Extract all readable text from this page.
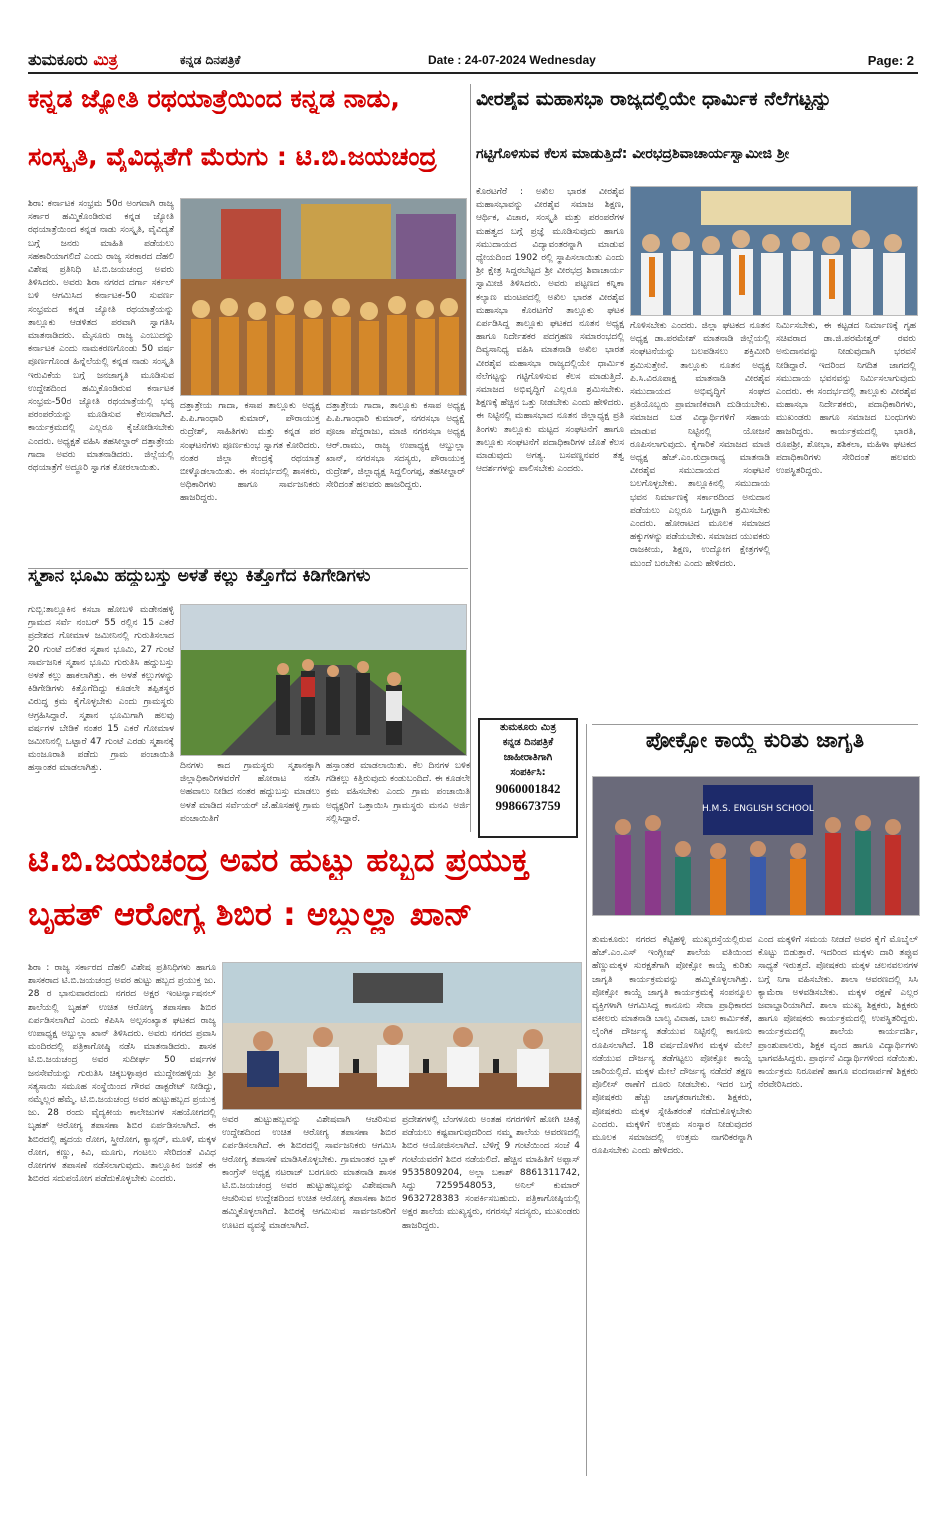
ತುಮಕೂರು ಮಿತ್ರ	ಕನ್ನಡ ದಿನಪತ್ರಿಕೆ	Date : 24-07-2024 Wednesday	Page: 2
ಕನ್ನಡ ಜ್ಯೋತಿ ರಥಯಾತ್ರೆಯಿಂದ ಕನ್ನಡ ನಾಡು,
ಸಂಸ್ಕೃತಿ, ವೈವಿದ್ಯತೆಗೆ ಮೆರುಗು : ಟಿ.ಬಿ.ಜಯಚಂದ್ರ
ಶಿರಾ: ಕರ್ನಾಟಕ ಸಂಭ್ರಮ 50ರ ಅಂಗವಾಗಿ ರಾಜ್ಯ ಸರ್ಕಾರ ಹಮ್ಮಿಕೊಂಡಿರುವ ಕನ್ನಡ ಜ್ಯೋತಿ ರಥಯಾತ್ರೆಯಿಂದ ಕನ್ನಡ ನಾಡು ಸಂಸ್ಕೃತಿ, ವೈವಿದ್ಯತೆ ಬಗ್ಗೆ ಜನರು ಮಾಹಿತಿ ಪಡೆಯಲು ಸಹಕಾರಿಯಾಗಲಿದೆ ಎಂದು ರಾಜ್ಯ ಸರಕಾರದ ದೆಹಲಿ ವಿಶೇಷ ಪ್ರತಿನಿಧಿ ಟಿ.ಬಿ.ಜಯಚಂದ್ರ ಅವರು ತಿಳಿಸಿದರು. ಅವರು ಶಿರಾ ನಗರದ ದರ್ಗಾ ಸರ್ಕಲ್ ಬಳಿ ಆಗಮಿಸಿದ ಕರ್ನಾಟಕ-50 ಸುವರ್ಣ ಸಂಭ್ರಮದ ಕನ್ನಡ ಜ್ಯೋತಿ ರಥಯಾತ್ರೆಯನ್ನು ತಾಲ್ಲೂಕು ಆಡಳಿತದ ಪರವಾಗಿ ಸ್ವಾಗತಿಸಿ ಮಾತನಾಡಿದರು. ಮೈಸೂರು ರಾಜ್ಯ ಎಂಬುದನ್ನು ಕರ್ನಾಟಕ ಎಂದು ನಾಮಕರಣಗೊಂಡು 50 ವರ್ಷ ಪೂರ್ಣಗೊಂಡ ಹಿನ್ನೆಲೆಯಲ್ಲಿ ಕನ್ನಡ ನಾಡು ಸಂಸ್ಕೃತಿ ಇರುವಿಕೆಯ ಬಗ್ಗೆ ಜನಜಾಗೃತಿ ಮೂಡಿಸುವ ಉದ್ದೇಶದಿಂದ ಹಮ್ಮಿಕೊಂಡಿರುವ ಕರ್ನಾಟಕ ಸಂಭ್ರಮ-50ರ ಜ್ಯೋತಿ ರಥಯಾತ್ರೆಯಲ್ಲಿ ಭವ್ಯ ಪರಂಪರೆಯನ್ನು ಮೂಡಿಸುವ ಕೆಲಸವಾಗಿದೆ. ಕಾರ್ಯಕ್ರಮದಲ್ಲಿ ಎಲ್ಲರೂ ಕೈಜೋಡಿಸಬೇಕು ಎಂದರು. ಅಧ್ಯಕ್ಷತೆ ವಹಿಸಿ ತಹಸೀಲ್ದಾರ್ ದತ್ತಾತ್ರೇಯ ಗಾದಾ ಅವರು ಮಾತನಾಡಿದರು. ಜಿಲ್ಲೆಯಲ್ಲಿ ರಥಯಾತ್ರೆಗೆ ಅದ್ಧೂರಿ ಸ್ವಾಗತ ಕೋರಲಾಯಿತು.
ದತ್ತಾತ್ರೇಯ ಗಾದಾ, ಕಸಾಪ ತಾಲ್ಲೂಕು ಅಧ್ಯಕ್ಷ ಪಿ.ಪಿ.ಗಾಂಧಾರಿ ಕುಮಾರ್, ಪೌರಾಯುಕ್ತ ರುದ್ರೇಶ್, ಸಾಹಿತಿಗಳು ಮತ್ತು ಕನ್ನಡ ಪರ ಸಂಘಟನೆಗಳು ಪೂರ್ಣಕುಂಭ ಸ್ವಾಗತ ಕೋರಿದರು. ನಂತರ ಜಿಲ್ಲಾ ಕೇಂದ್ರಕ್ಕೆ ರಥಯಾತ್ರೆ ಬೀಳ್ಕೊಡಲಾಯಿತು. ಈ ಸಂದರ್ಭದಲ್ಲಿ ಶಾಸಕರು, ಅಧಿಕಾರಿಗಳು ಹಾಗೂ ಸಾರ್ವಜನಿಕರು ಹಾಜರಿದ್ದರು.
ದತ್ತಾತ್ರೇಯ ಗಾದಾ, ತಾಲ್ಲೂಕು ಕಸಾಪ ಅಧ್ಯಕ್ಷ ಪಿ.ಪಿ.ಗಾಂಧಾರಿ ಕುಮಾರ್, ನಗರಸಭಾ ಅಧ್ಯಕ್ಷೆ ಪೂಜಾ ಪೆದ್ದರಾಜು, ಮಾಜಿ ನಗರಸಭಾ ಅಧ್ಯಕ್ಷ ಆರ್.ರಾಮು, ರಾಜ್ಯ ಉಪಾಧ್ಯಕ್ಷ ಆಬ್ದುಲ್ಲಾ ಖಾನ್, ನಗರಸಭಾ ಸದಸ್ಯರು, ಪೌರಾಯುಕ್ತ ರುದ್ರೇಶ್, ಜಿಲ್ಲಾಧ್ಯಕ್ಷ ಸಿದ್ದಲಿಂಗಪ್ಪ, ತಹಸೀಲ್ದಾರ್ ಸೇರಿದಂತೆ ಹಲವರು ಹಾಜರಿದ್ದರು.
ವೀರಶೈವ ಮಹಾಸಭಾ ರಾಜ್ಯದಲ್ಲಿಯೇ ಧಾರ್ಮಿಕ ನೆಲೆಗಟ್ಟನ್ನು
ಗಟ್ಟಿಗೊಳಿಸುವ ಕೆಲಸ ಮಾಡುತ್ತಿದೆ: ವೀರಭದ್ರಶಿವಾಚಾರ್ಯಸ್ವಾಮೀಜಿ ಶ್ರೀ
ಕೊರಟಗೆರೆ : ಅಖಿಲ ಭಾರತ ವೀರಶೈವ ಮಹಾಸಭಾವನ್ನು ವೀರಶೈವ ಸಮಾಜ ಶಿಕ್ಷಣ, ಆರ್ಥಿಕ, ವಿಚಾರ, ಸಂಸ್ಕೃತಿ ಮತ್ತು ಪರಂಪರೆಗಳ ಮಹತ್ವದ ಬಗ್ಗೆ ಪ್ರಜ್ಞೆ ಮೂಡಿಸುವುದು ಹಾಗೂ ಸಮುದಾಯದ ವಿದ್ಯಾವಂತರನ್ನಾಗಿ ಮಾಡುವ ಧ್ಯೇಯದಿಂದ 1902 ರಲ್ಲಿ ಸ್ಥಾಪಿಸಲಾಯಿತು ಎಂದು ಶ್ರೀ ಕ್ಷೇತ್ರ ಸಿದ್ದರಬೆಟ್ಟದ ಶ್ರೀ ವೀರಭದ್ರ ಶಿವಾಚಾರ್ಯ ಸ್ವಾಮೀಜಿ ತಿಳಿಸಿದರು. ಅವರು ಪಟ್ಟಣದ ಕನ್ನಿಕಾ ಕಲ್ಯಾಣ ಮಂಟಪದಲ್ಲಿ ಅಖಿಲ ಭಾರತ ವೀರಶೈವ ಮಹಾಸಭಾ ಕೊರಟಗೆರೆ ತಾಲ್ಲೂಕು ಘಟಕ ಏರ್ಪಡಿಸಿದ್ದ ತಾಲ್ಲೂಕು ಘಟಕದ ನೂತನ ಅಧ್ಯಕ್ಷ ಹಾಗೂ ನಿರ್ದೇಶಕರ ಪದಗ್ರಹಣ ಸಮಾರಂಭದಲ್ಲಿ ದಿವ್ಯಸಾನಿಧ್ಯ ವಹಿಸಿ ಮಾತನಾಡಿ ಅಖಿಲ ಭಾರತ ವೀರಶೈವ ಮಹಾಸಭಾ ರಾಜ್ಯದಲ್ಲಿಯೇ ಧಾರ್ಮಿಕ ನೆಲೆಗಟ್ಟನ್ನು ಗಟ್ಟಿಗೊಳಿಸುವ ಕೆಲಸ ಮಾಡುತ್ತಿದೆ. ಸಮಾಜದ ಅಭಿವೃದ್ಧಿಗೆ ಎಲ್ಲರೂ ಶ್ರಮಿಸಬೇಕು. ಶಿಕ್ಷಣಕ್ಕೆ ಹೆಚ್ಚಿನ ಒತ್ತು ನೀಡಬೇಕು ಎಂದು ಹೇಳಿದರು. ಈ ನಿಟ್ಟಿನಲ್ಲಿ ಮಹಾಸಭಾದ ನೂತನ ಜಿಲ್ಲಾಧ್ಯಕ್ಷ ಪ್ರತಿ ತಿಂಗಳು ತಾಲ್ಲೂಕು ಮಟ್ಟದ ಸಂಘಟನೆಗೆ ಹಾಗೂ ತಾಲ್ಲೂಕು ಸಂಘಟನೆಗೆ ಪದಾಧಿಕಾರಿಗಳ ಜೊತೆ ಕೆಲಸ ಮಾಡುವುದು ಅಗತ್ಯ. ಬಸವಣ್ಣನವರ ತತ್ವ ಆದರ್ಶಗಳನ್ನು ಪಾಲಿಸಬೇಕು ಎಂದರು.
ಗೊಳಿಸಬೇಕು ಎಂದರು. ಜಿಲ್ಲಾ ಘಟಕದ ನೂತನ ಅಧ್ಯಕ್ಷ ಡಾ.ಪರಮೇಶ್ ಮಾತನಾಡಿ ಜಿಲ್ಲೆಯಲ್ಲಿ ಸಂಘಟನೆಯನ್ನು ಬಲಪಡಿಸಲು ಶಕ್ತಿಮೀರಿ ಶ್ರಮಿಸುತ್ತೇನೆ. ತಾಲ್ಲೂಕು ನೂತನ ಅಧ್ಯಕ್ಷ ಪಿ.ಸಿ.ವಿರೂಪಾಕ್ಷ ಮಾತನಾಡಿ ವೀರಶೈವ ಸಮುದಾಯದ ಅಭಿವೃದ್ಧಿಗೆ ಸಂಘದ ಪ್ರತಿಯೊಬ್ಬರು ಪ್ರಾಮಾಣಿಕವಾಗಿ ದುಡಿಯಬೇಕು. ಸಮಾಜದ ಬಡ ವಿದ್ಯಾರ್ಥಿಗಳಿಗೆ ಸಹಾಯ ಮಾಡುವ ನಿಟ್ಟಿನಲ್ಲಿ ಯೋಜನೆ ರೂಪಿಸಲಾಗುವುದು. ಕೈಗಾರಿಕೆ ಸಮಾಜದ ಮಾಜಿ ಅಧ್ಯಕ್ಷ ಹೆಚ್.ಎಂ.ರುದ್ರಾರಾಧ್ಯ ಮಾತನಾಡಿ ವೀರಶೈವ ಸಮುದಾಯದ ಸಂಘಟನೆ ಬಲಗೊಳ್ಳಬೇಕು. ತಾಲ್ಲೂಕಿನಲ್ಲಿ ಸಮುದಾಯ ಭವನ ನಿರ್ಮಾಣಕ್ಕೆ ಸರ್ಕಾರದಿಂದ ಅನುದಾನ ಪಡೆಯಲು ಎಲ್ಲರೂ ಒಗ್ಗಟ್ಟಾಗಿ ಶ್ರಮಿಸಬೇಕು ಎಂದರು. ಹೋರಾಟದ ಮೂಲಕ ಸಮಾಜದ ಹಕ್ಕುಗಳನ್ನು ಪಡೆಯಬೇಕು. ಸಮಾಜದ ಯುವಕರು ರಾಜಕೀಯ, ಶಿಕ್ಷಣ, ಉದ್ಯೋಗ ಕ್ಷೇತ್ರಗಳಲ್ಲಿ ಮುಂದೆ ಬರಬೇಕು ಎಂದು ಹೇಳಿದರು.
ನಿರ್ಮಿಸಬೇಕು, ಈ ಕಟ್ಟಡದ ನಿರ್ಮಾಣಕ್ಕೆ ಗೃಹ ಸಚಿವರಾದ ಡಾ.ಜಿ.ಪರಮೇಶ್ವರ್ ರವರು ಅನುದಾನವನ್ನು ನೀಡುವುದಾಗಿ ಭರವಸೆ ನೀಡಿದ್ದಾರೆ. ಇದರಿಂದ ನಿಗದಿತ ಜಾಗದಲ್ಲಿ ಸಮುದಾಯ ಭವನವನ್ನು ನಿರ್ಮಿಸಲಾಗುವುದು ಎಂದರು. ಈ ಸಂದರ್ಭದಲ್ಲಿ ತಾಲ್ಲೂಕು ವೀರಶೈವ ಮಹಾಸಭಾ ನಿರ್ದೇಶಕರು, ಪದಾಧಿಕಾರಿಗಳು, ಮುಖಂಡರು ಹಾಗೂ ಸಮಾಜದ ಬಂಧುಗಳು ಹಾಜರಿದ್ದರು. ಕಾರ್ಯಕ್ರಮದಲ್ಲಿ ಭಾರತಿ, ರೂಪಶ್ರೀ, ಶೋಭಾ, ಶಶಿಕಲಾ, ಮಹಿಳಾ ಘಟಕದ ಪದಾಧಿಕಾರಿಗಳು ಸೇರಿದಂತೆ ಹಲವರು ಉಪಸ್ಥಿತರಿದ್ದರು.
ಸ್ಮಶಾನ ಭೂಮಿ ಹದ್ದುಬಸ್ತು ಅಳತೆ ಕಲ್ಲು ಕಿತ್ತೊಗೆದ ಕಿಡಿಗೇಡಿಗಳು
ಗುಬ್ಬಿ:ತಾಲ್ಲೂಕಿನ ಕಸಬಾ ಹೋಬಳಿ ಮಡೇನಹಳ್ಳಿ ಗ್ರಾಮದ ಸರ್ವೆ ನಂಬರ್ 55 ರಲ್ಲಿನ 15 ಎಕರೆ ಪ್ರದೇಶದ ಗೋಮಾಳ ಜಮೀನಿನಲ್ಲಿ ಗುರುತಿಸಲಾದ 20 ಗುಂಟೆ ದಲಿತರ ಸ್ಮಶಾನ ಭೂಮಿ, 27 ಗುಂಟೆ ಸಾರ್ವಜನಿಕ ಸ್ಮಶಾನ ಭೂಮಿ ಗುರುತಿಸಿ ಹದ್ದುಬಸ್ತು ಅಳತೆ ಕಲ್ಲು ಹಾಕಲಾಗಿತ್ತು. ಈ ಅಳತೆ ಕಲ್ಲುಗಳನ್ನು ಕಿಡಿಗೇಡಿಗಳು ಕಿತ್ತೊಗೆದಿದ್ದು ಕೂಡಲೇ ತಪ್ಪಿತಸ್ಥರ ವಿರುದ್ಧ ಕ್ರಮ ಕೈಗೊಳ್ಳಬೇಕು ಎಂದು ಗ್ರಾಮಸ್ಥರು ಆಗ್ರಹಿಸಿದ್ದಾರೆ. ಸ್ಮಶಾನ ಭೂಮಿಗಾಗಿ ಹಲವು ವರ್ಷಗಳ ಬೇಡಿಕೆ ನಂತರ 15 ಎಕರೆ ಗೋಮಾಳ ಜಮೀನಿನಲ್ಲಿ ಒಟ್ಟಾರೆ 47 ಗುಂಟೆ ಎರಡು ಸ್ಮಶಾನಕ್ಕೆ ಮಂಜೂರಾತಿ ಪಡೆದು ಗ್ರಾಮ ಪಂಚಾಯಿತಿ ಹಸ್ತಾಂತರ ಮಾಡಲಾಗಿತ್ತು.	ದಿನಗಳು ಕಾದ ಗ್ರಾಮಸ್ಥರು ಸ್ಮಶಾನಕ್ಕಾಗಿ ಜಿಲ್ಲಾಧಿಕಾರಿಗಳವರೆಗೆ ಹೋರಾಟ ನಡೆಸಿ ಅಹವಾಲು ನೀಡಿದ ನಂತರ ಹದ್ದುಬಸ್ತು ಮಾಡಲು ಅಳತೆ ಮಾಡಿದ ಸರ್ವೆಯರ್ ಜೆ.ಹೊಸಹಳ್ಳಿ ಗ್ರಾಮ ಪಂಚಾಯಿತಿಗೆ
ಹಸ್ತಾಂತರ ಮಾಡಲಾಯಿತು. ಕೆಲ ದಿನಗಳ ಬಳಿಕ ಗಡಿಕಲ್ಲು ಕಿತ್ತಿರುವುದು ಕಂಡುಬಂದಿದೆ. ಈ ಕೂಡಲೇ ಕ್ರಮ ವಹಿಸಬೇಕು ಎಂದು ಗ್ರಾಮ ಪಂಚಾಯಿತಿ ಅಧ್ಯಕ್ಷರಿಗೆ ಒತ್ತಾಯಿಸಿ ಗ್ರಾಮಸ್ಥರು ಮನವಿ ಅರ್ಜಿ ಸಲ್ಲಿಸಿದ್ದಾರೆ.
ತುಮಕೂರು ಮಿತ್ರ
ಕನ್ನಡ ದಿನಪತ್ರಿಕೆ
ಜಾಹೀರಾತಿಗಾಗಿ
ಸಂಪರ್ಕಿಸಿ:
9060001842
9986673759
ಪೋಕ್ಸೋ ಕಾಯ್ದೆ ಕುರಿತು ಜಾಗೃತಿ
H.M.S. ENGLISH SCHOOL
ತುಮಕೂರು: ನಗರದ ಕೆಟ್ಟಿಹಳ್ಳಿ ಮುಖ್ಯರಸ್ತೆಯಲ್ಲಿರುವ ಹೆಚ್.ಎಂ.ಎಸ್ ಇಂಗ್ಲೀಷ್ ಶಾಲೆಯ ವತಿಯಿಂದ ಹೆಣ್ಣುಮಕ್ಕಳ ಸುರಕ್ಷತೆಗಾಗಿ ಪೋಕ್ಸೋ ಕಾಯ್ದೆ ಕುರಿತು ಜಾಗೃತಿ ಕಾರ್ಯಕ್ರಮವನ್ನು ಹಮ್ಮಿಕೊಳ್ಳಲಾಗಿತ್ತು. ಪೋಕ್ಸೋ ಕಾಯ್ದೆ ಜಾಗೃತಿ ಕಾರ್ಯಕ್ರಮಕ್ಕೆ ಸಂಪನ್ಮೂಲ ವ್ಯಕ್ತಿಗಳಾಗಿ ಆಗಮಿಸಿದ್ದ ಕಾನೂನು ಸೇವಾ ಪ್ರಾಧಿಕಾರದ ವಕೀಲರು ಮಾತನಾಡಿ ಬಾಲ್ಯ ವಿವಾಹ, ಬಾಲ ಕಾರ್ಮಿಕತೆ, ಲೈಂಗಿಕ ದೌರ್ಜನ್ಯ ತಡೆಯುವ ನಿಟ್ಟಿನಲ್ಲಿ ಕಾನೂನು ರೂಪಿಸಲಾಗಿದೆ. 18 ವರ್ಷದೊಳಗಿನ ಮಕ್ಕಳ ಮೇಲೆ ನಡೆಯುವ ದೌರ್ಜನ್ಯ ತಡೆಗಟ್ಟಲು ಪೋಕ್ಸೋ ಕಾಯ್ದೆ ಜಾರಿಯಲ್ಲಿದೆ. ಮಕ್ಕಳ ಮೇಲೆ ದೌರ್ಜನ್ಯ ನಡೆದರೆ ತಕ್ಷಣ ಪೊಲೀಸ್ ಠಾಣೆಗೆ ದೂರು ನೀಡಬೇಕು. ಇದರ ಬಗ್ಗೆ ಪೋಷಕರು ಹೆಚ್ಚು ಜಾಗೃತರಾಗಬೇಕು. ಶಿಕ್ಷಕರು, ಪೋಷಕರು ಮಕ್ಕಳ ಸ್ನೇಹಿತರಂತೆ ನಡೆದುಕೊಳ್ಳಬೇಕು ಎಂದರು. ಮಕ್ಕಳಿಗೆ ಉತ್ತಮ ಸಂಸ್ಕಾರ ನೀಡುವುದರ ಮೂಲಕ ಸಮಾಜದಲ್ಲಿ ಉತ್ತಮ ನಾಗರಿಕರನ್ನಾಗಿ ರೂಪಿಸಬೇಕು ಎಂದು ಹೇಳಿದರು.
ಎಂದ ಮಕ್ಕಳಿಗೆ ಸಮಯ ನೀಡದೆ ಅವರ ಕೈಗೆ ಮೊಬೈಲ್ ಕೊಟ್ಟು ಬಿಡುತ್ತಾರೆ. ಇದರಿಂದ ಮಕ್ಕಳು ದಾರಿ ತಪ್ಪುವ ಸಾಧ್ಯತೆ ಇರುತ್ತದೆ. ಪೋಷಕರು ಮಕ್ಕಳ ಚಲನವಲನಗಳ ಬಗ್ಗೆ ನಿಗಾ ವಹಿಸಬೇಕು. ಶಾಲಾ ಆವರಣದಲ್ಲಿ ಸಿಸಿ ಕ್ಯಾಮೆರಾ ಅಳವಡಿಸಬೇಕು. ಮಕ್ಕಳ ರಕ್ಷಣೆ ಎಲ್ಲರ ಜವಾಬ್ದಾರಿಯಾಗಿದೆ. ಶಾಲಾ ಮುಖ್ಯ ಶಿಕ್ಷಕರು, ಶಿಕ್ಷಕರು ಹಾಗೂ ಪೋಷಕರು ಕಾರ್ಯಕ್ರಮದಲ್ಲಿ ಉಪಸ್ಥಿತರಿದ್ದರು. ಕಾರ್ಯಕ್ರಮದಲ್ಲಿ ಶಾಲೆಯ ಕಾರ್ಯದರ್ಶಿ, ಪ್ರಾಂಶುಪಾಲರು, ಶಿಕ್ಷಕ ವೃಂದ ಹಾಗೂ ವಿದ್ಯಾರ್ಥಿಗಳು ಭಾಗವಹಿಸಿದ್ದರು. ಪ್ರಾರ್ಥನೆ ವಿದ್ಯಾರ್ಥಿಗಳಿಂದ ನಡೆಯಿತು. ಕಾರ್ಯಕ್ರಮ ನಿರೂಪಣೆ ಹಾಗೂ ವಂದನಾರ್ಪಣೆ ಶಿಕ್ಷಕರು ನೆರವೇರಿಸಿದರು.
ಟಿ.ಬಿ.ಜಯಚಂದ್ರ ಅವರ ಹುಟ್ಟು ಹಬ್ಬದ ಪ್ರಯುಕ್ತ
ಬೃಹತ್ ಆರೋಗ್ಯ ಶಿಬಿರ : ಅಬ್ದುಲ್ಲಾ ಖಾನ್
ಶಿರಾ : ರಾಜ್ಯ ಸರ್ಕಾರದ ದೆಹಲಿ ವಿಶೇಷ ಪ್ರತಿನಿಧಿಗಳು ಹಾಗೂ ಶಾಸಕರಾದ ಟಿ.ಬಿ.ಜಯಚಂದ್ರ ಅವರ ಹುಟ್ಟು ಹಬ್ಬದ ಪ್ರಯುಕ್ತ ಜು. 28 ರ ಭಾನುವಾರದಂದು ನಗರದ ಅಕ್ಷರ ಇಂಟರ್ನ್ಯಾಷನಲ್ ಶಾಲೆಯಲ್ಲಿ ಬೃಹತ್ ಉಚಿತ ಆರೋಗ್ಯ ತಪಾಸಣಾ ಶಿಬಿರ ಏರ್ಪಡಿಸಲಾಗಿದೆ ಎಂದು ಕೆಪಿಸಿಸಿ ಅಲ್ಪಸಂಖ್ಯಾತ ಘಟಕದ ರಾಜ್ಯ ಉಪಾಧ್ಯಕ್ಷ ಅಬ್ದುಲ್ಲಾ ಖಾನ್ ತಿಳಿಸಿದರು. ಅವರು ನಗರದ ಪ್ರವಾಸಿ ಮಂದಿರದಲ್ಲಿ ಪತ್ರಿಕಾಗೋಷ್ಠಿ ನಡೆಸಿ ಮಾತನಾಡಿದರು. ಶಾಸಕ ಟಿ.ಬಿ.ಜಯಚಂದ್ರ ಅವರ ಸುದೀರ್ಘ 50 ವರ್ಷಗಳ ಜನಸೇವೆಯನ್ನು ಗುರುತಿಸಿ ಚಿಕ್ಕಬಳ್ಳಾಪುರ ಮುದ್ದೇನಹಳ್ಳಿಯ ಶ್ರೀ ಸತ್ಯಸಾಯಿ ಸಮೂಹ ಸಂಸ್ಥೆಯಿಂದ ಗೌರವ ಡಾಕ್ಟರೇಟ್ ನೀಡಿದ್ದು, ನಮ್ಮೆಲ್ಲರ ಹೆಮ್ಮೆ. ಟಿ.ಬಿ.ಜಯಚಂದ್ರ ಅವರ ಹುಟ್ಟುಹಬ್ಬದ ಪ್ರಯುಕ್ತ ಜು. 28 ರಂದು ವೈದ್ಯಕೀಯ ಕಾಲೇಜುಗಳ ಸಹಯೋಗದಲ್ಲಿ ಬೃಹತ್ ಆರೋಗ್ಯ ತಪಾಸಣಾ ಶಿಬಿರ ಏರ್ಪಡಿಸಲಾಗಿದೆ. ಈ ಶಿಬಿರದಲ್ಲಿ ಹೃದಯ ರೋಗ, ಸ್ತ್ರೀರೋಗ, ಕ್ಯಾನ್ಸರ್, ಮೂಳೆ, ಮಕ್ಕಳ ರೋಗ, ಕಣ್ಣು, ಕಿವಿ, ಮೂಗು, ಗಂಟಲು ಸೇರಿದಂತೆ ವಿವಿಧ ರೋಗಗಳ ತಪಾಸಣೆ ನಡೆಸಲಾಗುವುದು. ತಾಲ್ಲೂಕಿನ ಜನತೆ ಈ ಶಿಬಿರದ ಸದುಪಯೋಗ ಪಡೆದುಕೊಳ್ಳಬೇಕು ಎಂದರು.
ಅವರ ಹುಟ್ಟುಹಬ್ಬವನ್ನು ವಿಶೇಷವಾಗಿ ಆಚರಿಸುವ ಉದ್ದೇಶದಿಂದ ಉಚಿತ ಆರೋಗ್ಯ ತಪಾಸಣಾ ಶಿಬಿರ ಏರ್ಪಡಿಸಲಾಗಿದೆ. ಈ ಶಿಬಿರದಲ್ಲಿ ಸಾರ್ವಜನಿಕರು ಆಗಮಿಸಿ ಆರೋಗ್ಯ ತಪಾಸಣೆ ಮಾಡಿಸಿಕೊಳ್ಳಬೇಕು. ಗ್ರಾಮಾಂತರ ಬ್ಲಾಕ್ ಕಾಂಗ್ರೆಸ್ ಅಧ್ಯಕ್ಷ ನಟರಾಜ್ ಬರಗೂರು ಮಾತನಾಡಿ ಶಾಸಕ ಟಿ.ಬಿ.ಜಯಚಂದ್ರ ಅವರ ಹುಟ್ಟುಹಬ್ಬವನ್ನು ವಿಶೇಷವಾಗಿ ಆಚರಿಸುವ ಉದ್ದೇಶದಿಂದ ಉಚಿತ ಆರೋಗ್ಯ ತಪಾಸಣಾ ಶಿಬಿರ ಹಮ್ಮಿಕೊಳ್ಳಲಾಗಿದೆ. ಶಿಬಿರಕ್ಕೆ ಆಗಮಿಸುವ ಸಾರ್ವಜನಿಕರಿಗೆ ಊಟದ ವ್ಯವಸ್ಥೆ ಮಾಡಲಾಗಿದೆ.
ಪ್ರದೇಶಗಳಲ್ಲಿ ಬೆಂಗಳೂರು ಅಂತಹ ನಗರಗಳಿಗೆ ಹೋಗಿ ಚಿಕಿತ್ಸೆ ಪಡೆಯಲು ಕಷ್ಟವಾಗುವುದರಿಂದ ನಮ್ಮ ಶಾಲೆಯ ಆವರಣದಲ್ಲಿ ಶಿಬಿರ ಆಯೋಜಿಸಲಾಗಿದೆ. ಬೆಳಿಗ್ಗೆ 9 ಗಂಟೆಯಿಂದ ಸಂಜೆ 4 ಗಂಟೆಯವರೆಗೆ ಶಿಬಿರ ನಡೆಯಲಿದೆ. ಹೆಚ್ಚಿನ ಮಾಹಿತಿಗೆ ಅಪ್ಪಾಸ್ 9535809204, ಅಲ್ಲಾ ಬಕಾಶ್ 8861311742, ಸಿದ್ದು 7259548053, ಅನಿಲ್ ಕುಮಾರ್ 9632728383 ಸಂಪರ್ಕಿಸಬಹುದು. ಪತ್ರಿಕಾಗೋಷ್ಠಿಯಲ್ಲಿ ಅಕ್ಷರ ಶಾಲೆಯ ಮುಖ್ಯಸ್ಥರು, ನಗರಸಭೆ ಸದಸ್ಯರು, ಮುಖಂಡರು ಹಾಜರಿದ್ದರು.
